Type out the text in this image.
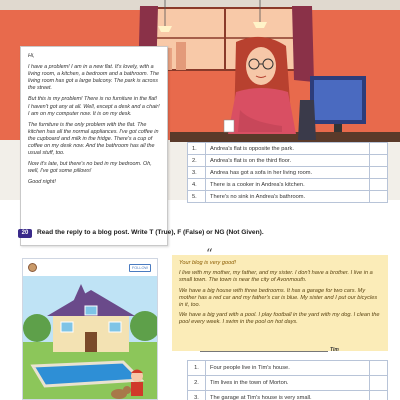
Hi,

I have a problem! I am in a new flat. It's lovely, with a living room, a kitchen, a bedroom and a bathroom. The living room has got a large balcony. The park is across the street.

But this is my problem! There is no furniture in the flat! I haven't got any at all. Well, except a desk and a chair! I am on my computer now. It is on my desk.

The furniture is the only problem with the flat. The kitchen has all the normal appliances. I've got coffee in the cupboard and milk in the fridge. There's a cup of coffee on my desk now. And the bathroom has all the usual stuff, too.

Now it's late, but there's no bed in my bedroom. Oh, well, I've got some pillows!

Good night!

1.	Andrea's flat is opposite the park.	
2.	Andrea's flat is on the third floor.	
3.	Andrea has got a sofa in her living room.	
4.	There is a cooker in Andrea's kitchen.	
5.	There's no sink in Andrea's bathroom.	
20	Read the reply to a blog post. Write T (True), F (False) or NG (Not Given).
FOLLOW

Your blog is very good!

I live with my mother, my father, and my sister. I don't have a brother. I live in a small town. The town is near the city of Avonmouth.

We have a big house with three bedrooms. It has a garage for two cars. My mother has a red car and my father's car is blue. My sister and I put our bicycles in it, too.

We have a big yard with a pool. I play football in the yard with my dog. I clean the pool every week. I swim in the pool on hot days.

Tim
1.	Four people live in Tim's house.	
2.	Tim lives in the town of Morton.	
3.	The garage at Tim's house is very small.	
